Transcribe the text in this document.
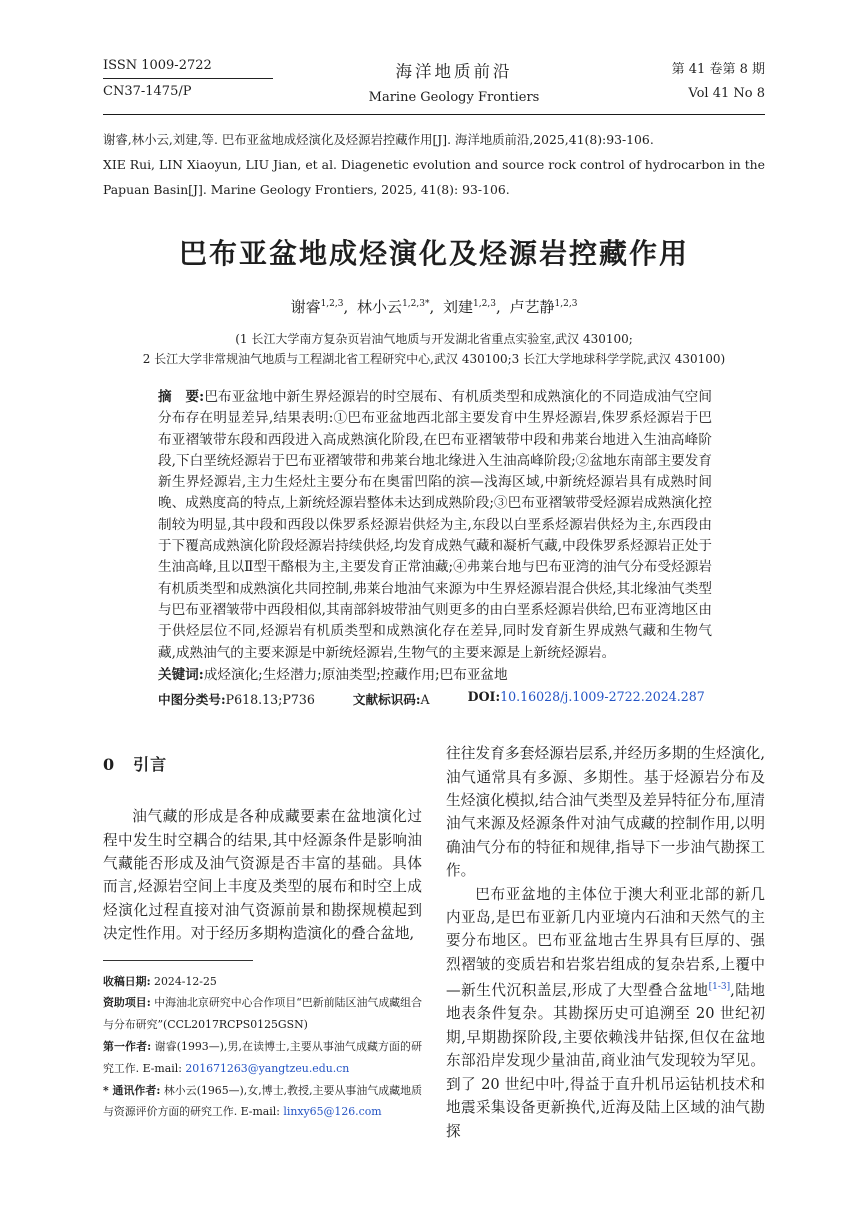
ISSN 1009-2722
CN37-1475/P
海洋地质前沿
Marine Geology Frontiers
第 41 卷第 8 期
Vol 41 No 8

谢睿,林小云,刘建,等. 巴布亚盆地成烃演化及烃源岩控藏作用[J]. 海洋地质前沿,2025,41(8):93-106.

XIE Rui, LIN Xiaoyun, LIU Jian, et al. Diagenetic evolution and source rock control of hydrocarbon in the Papuan Basin[J]. Marine Geology Frontiers, 2025, 41(8): 93-106.

巴布亚盆地成烃演化及烃源岩控藏作用
谢睿$^{1,2,3}$, 林小云$^{1,2,3*}$, 刘建$^{1,2,3}$, 卢艺静$^{1,2,3}$
(1 长江大学南方复杂页岩油气地质与开发湖北省重点实验室,武汉 430100;
2 长江大学非常规油气地质与工程湖北省工程研究中心,武汉 430100;3 长江大学地球科学学院,武汉 430100)

摘　要:巴布亚盆地中新生界烃源岩的时空展布、有机质类型和成熟演化的不同造成油气空间分布存在明显差异,结果表明:①巴布亚盆地西北部主要发育中生界烃源岩,侏罗系烃源岩于巴布亚褶皱带东段和西段进入高成熟演化阶段,在巴布亚褶皱带中段和弗莱台地进入生油高峰阶段,下白垩统烃源岩于巴布亚褶皱带和弗莱台地北缘进入生油高峰阶段;②盆地东南部主要发育新生界烃源岩,主力生烃灶主要分布在奥雷凹陷的滨—浅海区域,中新统烃源岩具有成熟时间晚、成熟度高的特点,上新统烃源岩整体未达到成熟阶段;③巴布亚褶皱带受烃源岩成熟演化控制较为明显,其中段和西段以侏罗系烃源岩供烃为主,东段以白垩系烃源岩供烃为主,东西段由于下覆高成熟演化阶段烃源岩持续供烃,均发育成熟气藏和凝析气藏,中段侏罗系烃源岩正处于生油高峰,且以Ⅱ型干酪根为主,主要发育正常油藏;④弗莱台地与巴布亚湾的油气分布受烃源岩有机质类型和成熟演化共同控制,弗莱台地油气来源为中生界烃源岩混合供烃,其北缘油气类型与巴布亚褶皱带中西段相似,其南部斜坡带油气则更多的由白垩系烃源岩供给,巴布亚湾地区由于供烃层位不同,烃源岩有机质类型和成熟演化存在差异,同时发育新生界成熟气藏和生物气藏,成熟油气的主要来源是中新统烃源岩,生物气的主要来源是上新统烃源岩。

关键词:成烃演化;生烃潜力;原油类型;控藏作用;巴布亚盆地

中图分类号:P618.13;P736	文献标识码:A	DOI:10.16028/j.1009-2722.2024.287
0 引言

油气藏的形成是各种成藏要素在盆地演化过程中发生时空耦合的结果,其中烃源条件是影响油气藏能否形成及油气资源是否丰富的基础。具体而言,烃源岩空间上丰度及类型的展布和时空上成烃演化过程直接对油气资源前景和勘探规模起到决定性作用。对于经历多期构造演化的叠合盆地,

收稿日期: 2024-12-25

资助项目: 中海油北京研究中心合作项目“巴新前陆区油气成藏组合与分布研究”(CCL2017RCPS0125GSN)

第一作者: 谢睿(1993—),男,在读博士,主要从事油气成藏方面的研究工作. E-mail: 201671263@yangtzeu.edu.cn

* 通讯作者: 林小云(1965—),女,博士,教授,主要从事油气成藏地质与资源评价方面的研究工作. E-mail: linxy65@126.com

往往发育多套烃源岩层系,并经历多期的生烃演化,油气通常具有多源、多期性。基于烃源岩分布及生烃演化模拟,结合油气类型及差异特征分布,厘清油气来源及烃源条件对油气成藏的控制作用,以明确油气分布的特征和规律,指导下一步油气勘探工作。

巴布亚盆地的主体位于澳大利亚北部的新几内亚岛,是巴布亚新几内亚境内石油和天然气的主要分布地区。巴布亚盆地古生界具有巨厚的、强烈褶皱的变质岩和岩浆岩组成的复杂岩系,上覆中—新生代沉积盖层,形成了大型叠合盆地[1-3],陆地地表条件复杂。其勘探历史可追溯至 20 世纪初期,早期勘探阶段,主要依赖浅井钻探,但仅在盆地东部沿岸发现少量油苗,商业油气发现较为罕见。到了 20 世纪中叶,得益于直升机吊运钻机技术和地震采集设备更新换代,近海及陆上区域的油气勘探
